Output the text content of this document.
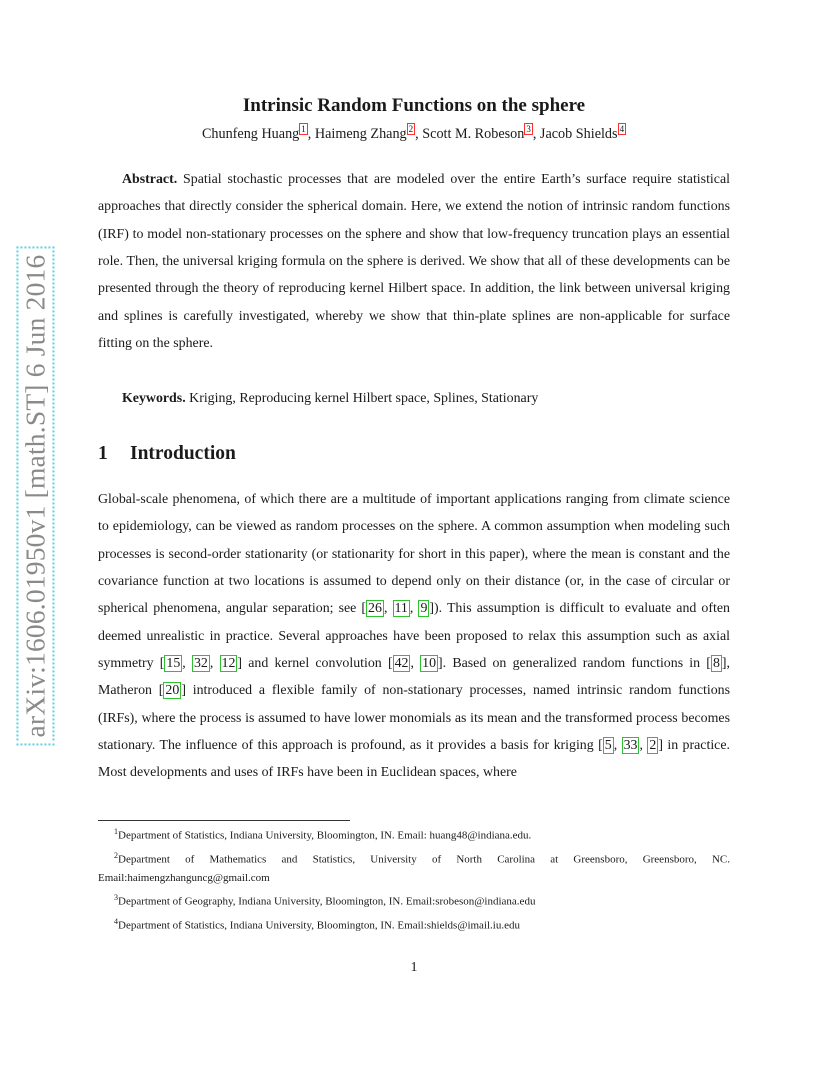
arXiv:1606.01950v1 [math.ST] 6 Jun 2016
Intrinsic Random Functions on the sphere
Chunfeng Huang $^1$ , Haimeng Zhang $^2$ , Scott M. Robeson $^3$ , Jacob Shields $^4$

Abstract. Spatial stochastic processes that are modeled over the entire Earth’s surface require statistical approaches that directly consider the spherical domain. Here, we extend the notion of intrinsic random functions (IRF) to model non-stationary processes on the sphere and show that low-frequency truncation plays an essential role. Then, the universal kriging formula on the sphere is derived. We show that all of these developments can be presented through the theory of reproducing kernel Hilbert space. In addition, the link between universal kriging and splines is carefully investigated, whereby we show that thin-plate splines are non-applicable for surface fitting on the sphere.

Keywords. Kriging, Reproducing kernel Hilbert space, Splines, Stationary

1 Introduction

Global-scale phenomena, of which there are a multitude of important applications ranging from climate science to epidemiology, can be viewed as random processes on the sphere. A common assumption when modeling such processes is second-order stationarity (or stationarity for short in this paper), where the mean is constant and the covariance function at two locations is assumed to depend only on their distance (or, in the case of circular or spherical phenomena, angular separation; see [ 26 , 11 , 9 ]). This assumption is difficult to evaluate and often deemed unrealistic in practice. Several approaches have been proposed to relax this assumption such as axial symmetry [ 15 , 32 , 12 ] and kernel convolution [ 42 , 10 ]. Based on generalized random functions in [ 8 ], Matheron [ 20 ] introduced a flexible family of non-stationary processes, named intrinsic random functions (IRFs), where the process is assumed to have lower monomials as its mean and the transformed process becomes stationary. The influence of this approach is profound, as it provides a basis for kriging [ 5 , 33 , 2 ] in practice. Most developments and uses of IRFs have been in Euclidean spaces, where

$^1$Department of Statistics, Indiana University, Bloomington, IN. Email: huang48@indiana.edu.
$^2$Department of Mathematics and Statistics, University of North Carolina at Greensboro, Greensboro, NC. Email:haimengzhanguncg@gmail.com
$^3$Department of Geography, Indiana University, Bloomington, IN. Email:srobeson@indiana.edu
$^4$Department of Statistics, Indiana University, Bloomington, IN. Email:shields@imail.iu.edu
1
